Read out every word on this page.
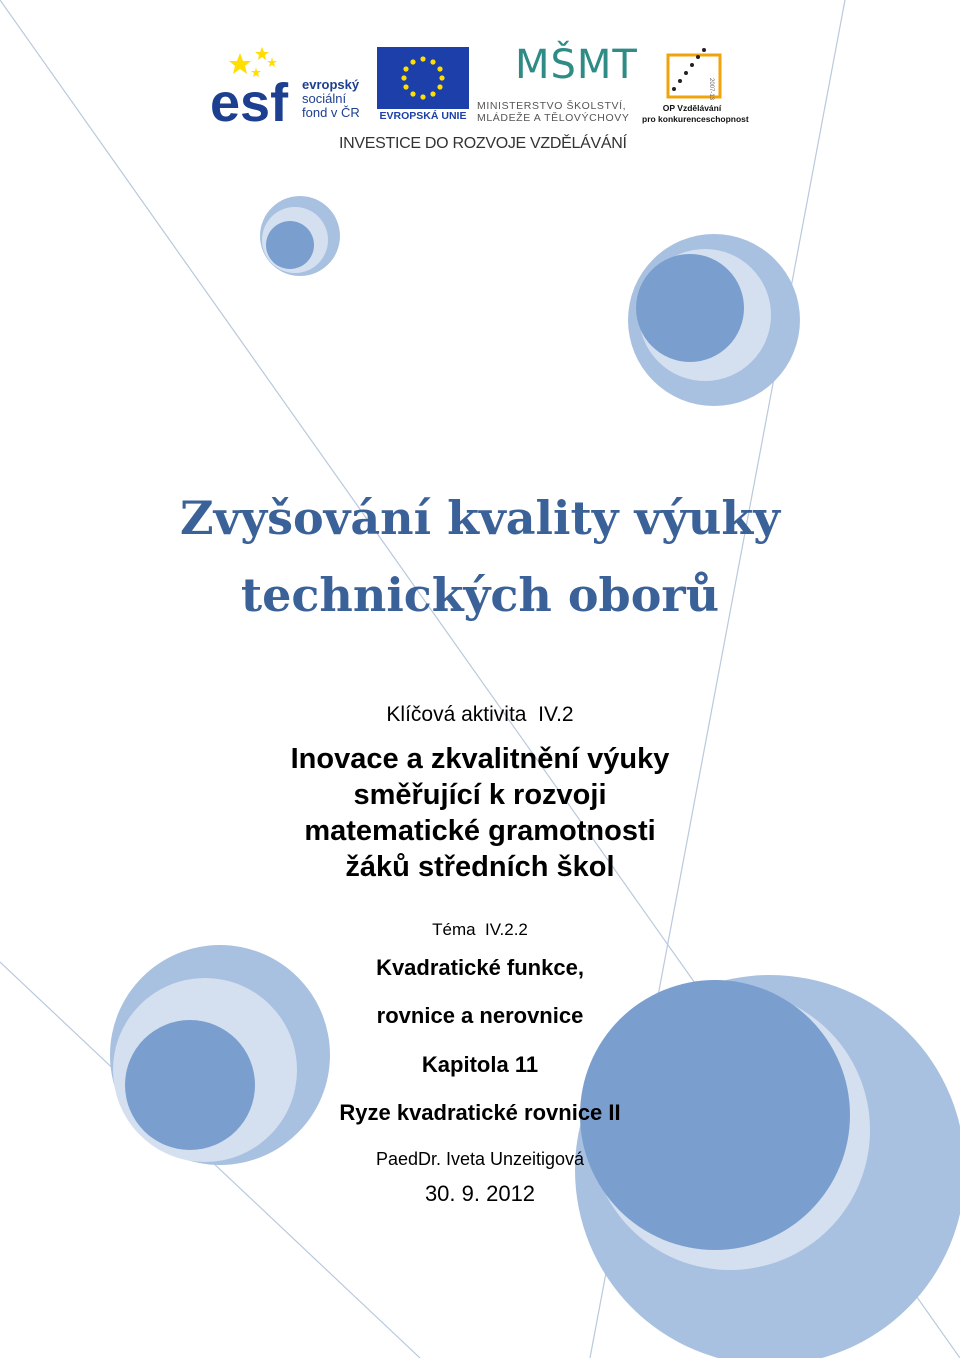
esf evropský
sociální
fond v ČR EVROPSKÁ UNIE
MŠMT
MINISTERSTVO ŠKOLSTVÍ,
MLÁDEŽE A TĚLOVÝCHOVY
2007-13
OP Vzdělávání
pro konkurenceschopnost
INVESTICE DO ROZVOJE VZDĚLÁVÁNÍ
Zvyšování kvality výuky
technických oborů
Klíčová aktivita  IV.2
Inovace a zkvalitnění výuky
směřující k rozvoji
matematické gramotnosti
žáků středních škol
Téma  IV.2.2
Kvadratické funkce,
rovnice a nerovnice
Kapitola 11
Ryze kvadratické rovnice II
PaedDr. Iveta Unzeitigová
30. 9. 2012
